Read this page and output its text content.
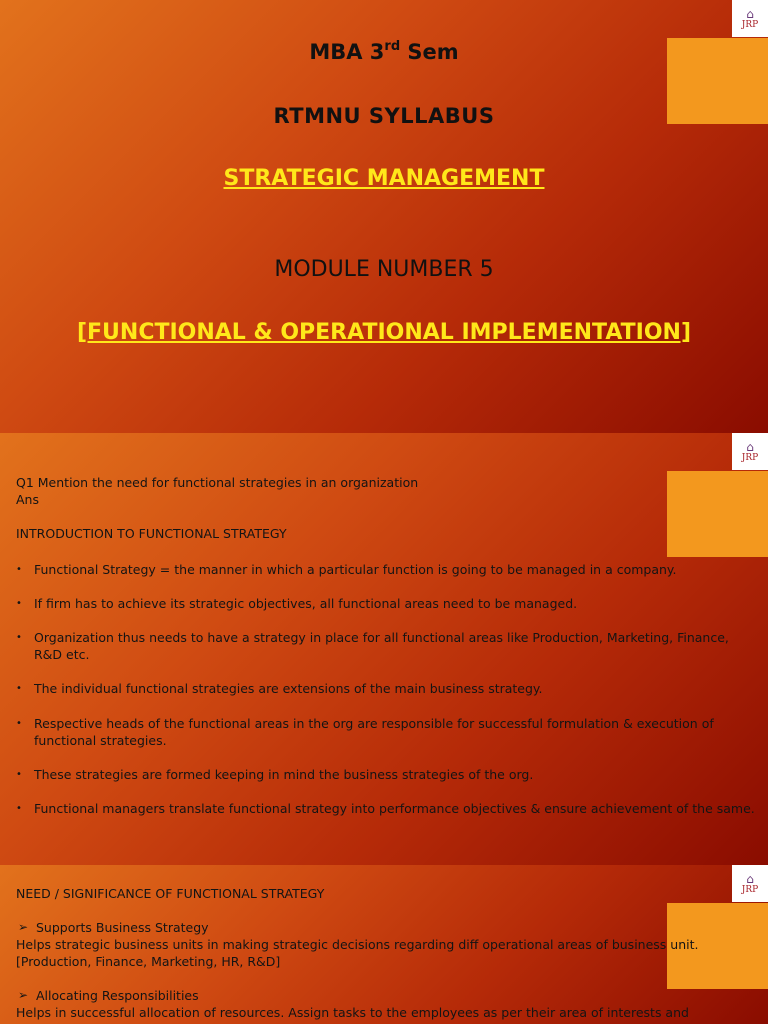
⌂
JRP
MBA 3rd Sem
RTMNU SYLLABUS
STRATEGIC MANAGEMENT
MODULE NUMBER 5
[FUNCTIONAL & OPERATIONAL IMPLEMENTATION]
⌂
JRP
Q1 Mention the need for functional strategies in an organization
Ans
INTRODUCTION TO FUNCTIONAL STRATEGY
• Functional Strategy = the manner in which a particular function is going to be managed in a company.
• If firm has to achieve its strategic objectives, all functional areas need to be managed.
• Organization thus needs to have a strategy in place for all functional areas like Production, Marketing, Finance, R&D etc.
• The individual functional strategies are extensions of the main business strategy.
• Respective heads of the functional areas in the org are responsible for successful formulation & execution of functional strategies.
• These strategies are formed keeping in mind the business strategies of the org.
• Functional managers translate functional strategy into performance objectives & ensure achievement of the same.
⌂
JRP
NEED / SIGNIFICANCE OF FUNCTIONAL STRATEGY
➢ Supports Business Strategy
Helps strategic business units in making strategic decisions regarding diff operational areas of business unit.
[Production, Finance, Marketing, HR, R&D]
➢ Allocating Responsibilities
Helps in successful allocation of resources. Assign tasks to the employees as per their area of interests and
